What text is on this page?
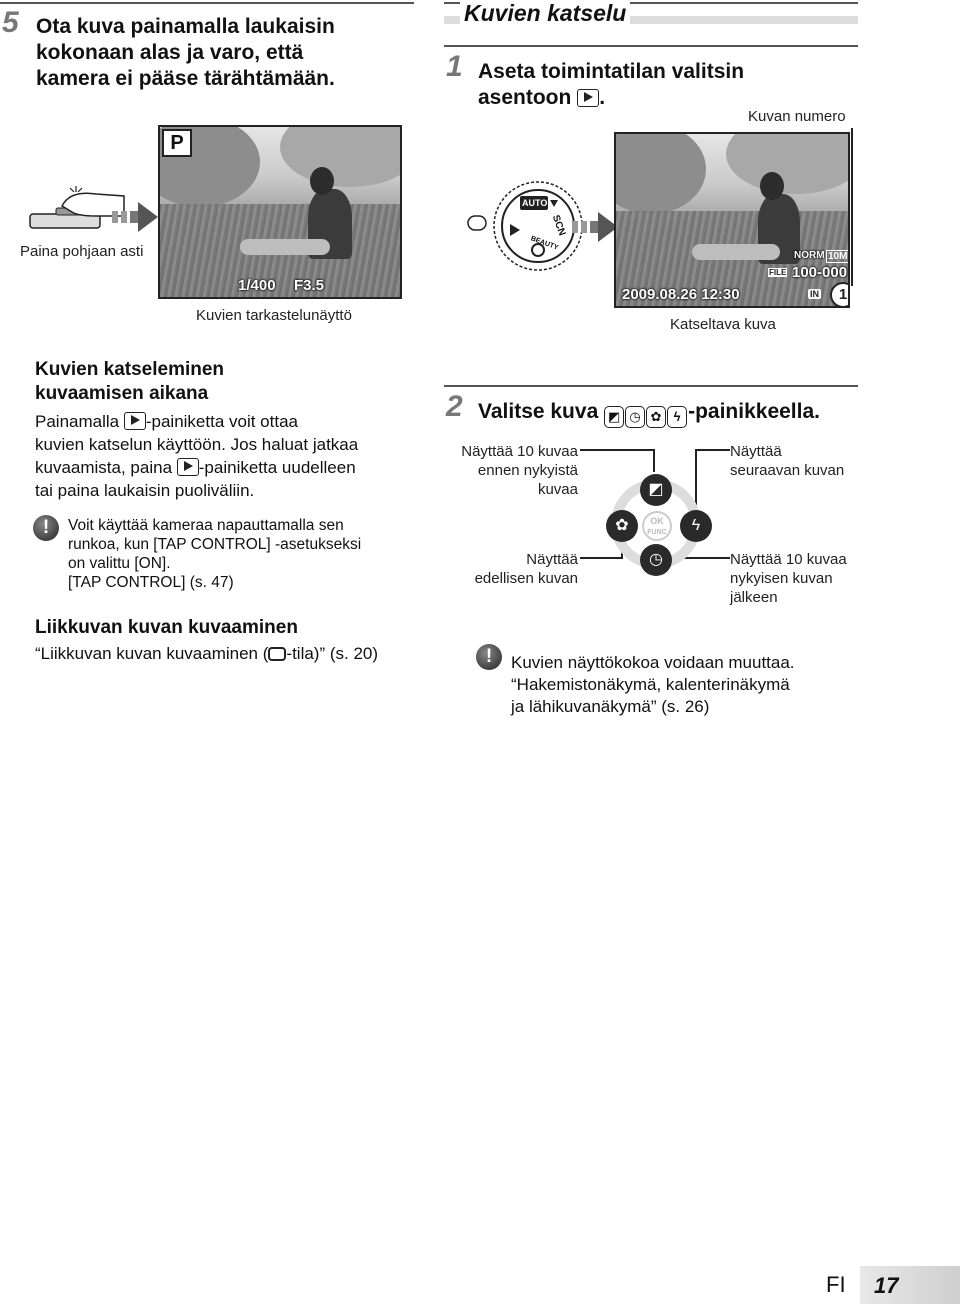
5 Ota kuva painamalla laukaisin
kokonaan alas ja varo, että
kamera ei pääse tärähtämään.
Paina pohjaan asti
P
1/400 F3.5
Kuvien tarkastelunäyttö
Kuvien katselu
1 Aseta toimintatilan valitsin
asentoon .
AUTO
SCN
BEAUTY
Kuvan numero
NORM 10M
FILE 100-000
2009.08.26 12:30	IN	1
Katseltava kuva
Kuvien katseleminen
kuvaamisen aikana
Painamalla -painiketta voit ottaa
kuvien katselun käyttöön. Jos haluat jatkaa
kuvaamista, paina -painiketta uudelleen
tai paina laukaisin puoliväliin.
!	Voit käyttää kameraa napauttamalla sen
runkoa, kun [TAP CONTROL] -asetukseksi
on valittu [ON].
[TAP CONTROL] (s. 47)
Liikkuvan kuvan kuvaaminen
“Liikkuvan kuvan kuvaaminen ( -tila)” (s. 20)
2 Valitse kuva ◩ ◷ ✿ ϟ -painikkeella.
Näyttää 10 kuvaa
ennen nykyistä
kuvaa
Näyttää
seuraavan kuvan
Näyttää
edellisen kuvan
Näyttää 10 kuvaa
nykyisen kuvan
jälkeen
◩
✿	ϟ
◷
OK
FUNC
!	Kuvien näyttökokoa voidaan muuttaa.
“Hakemistonäkymä, kalenterinäkymä
ja lähikuvanäkymä” (s. 26)
FI 17
